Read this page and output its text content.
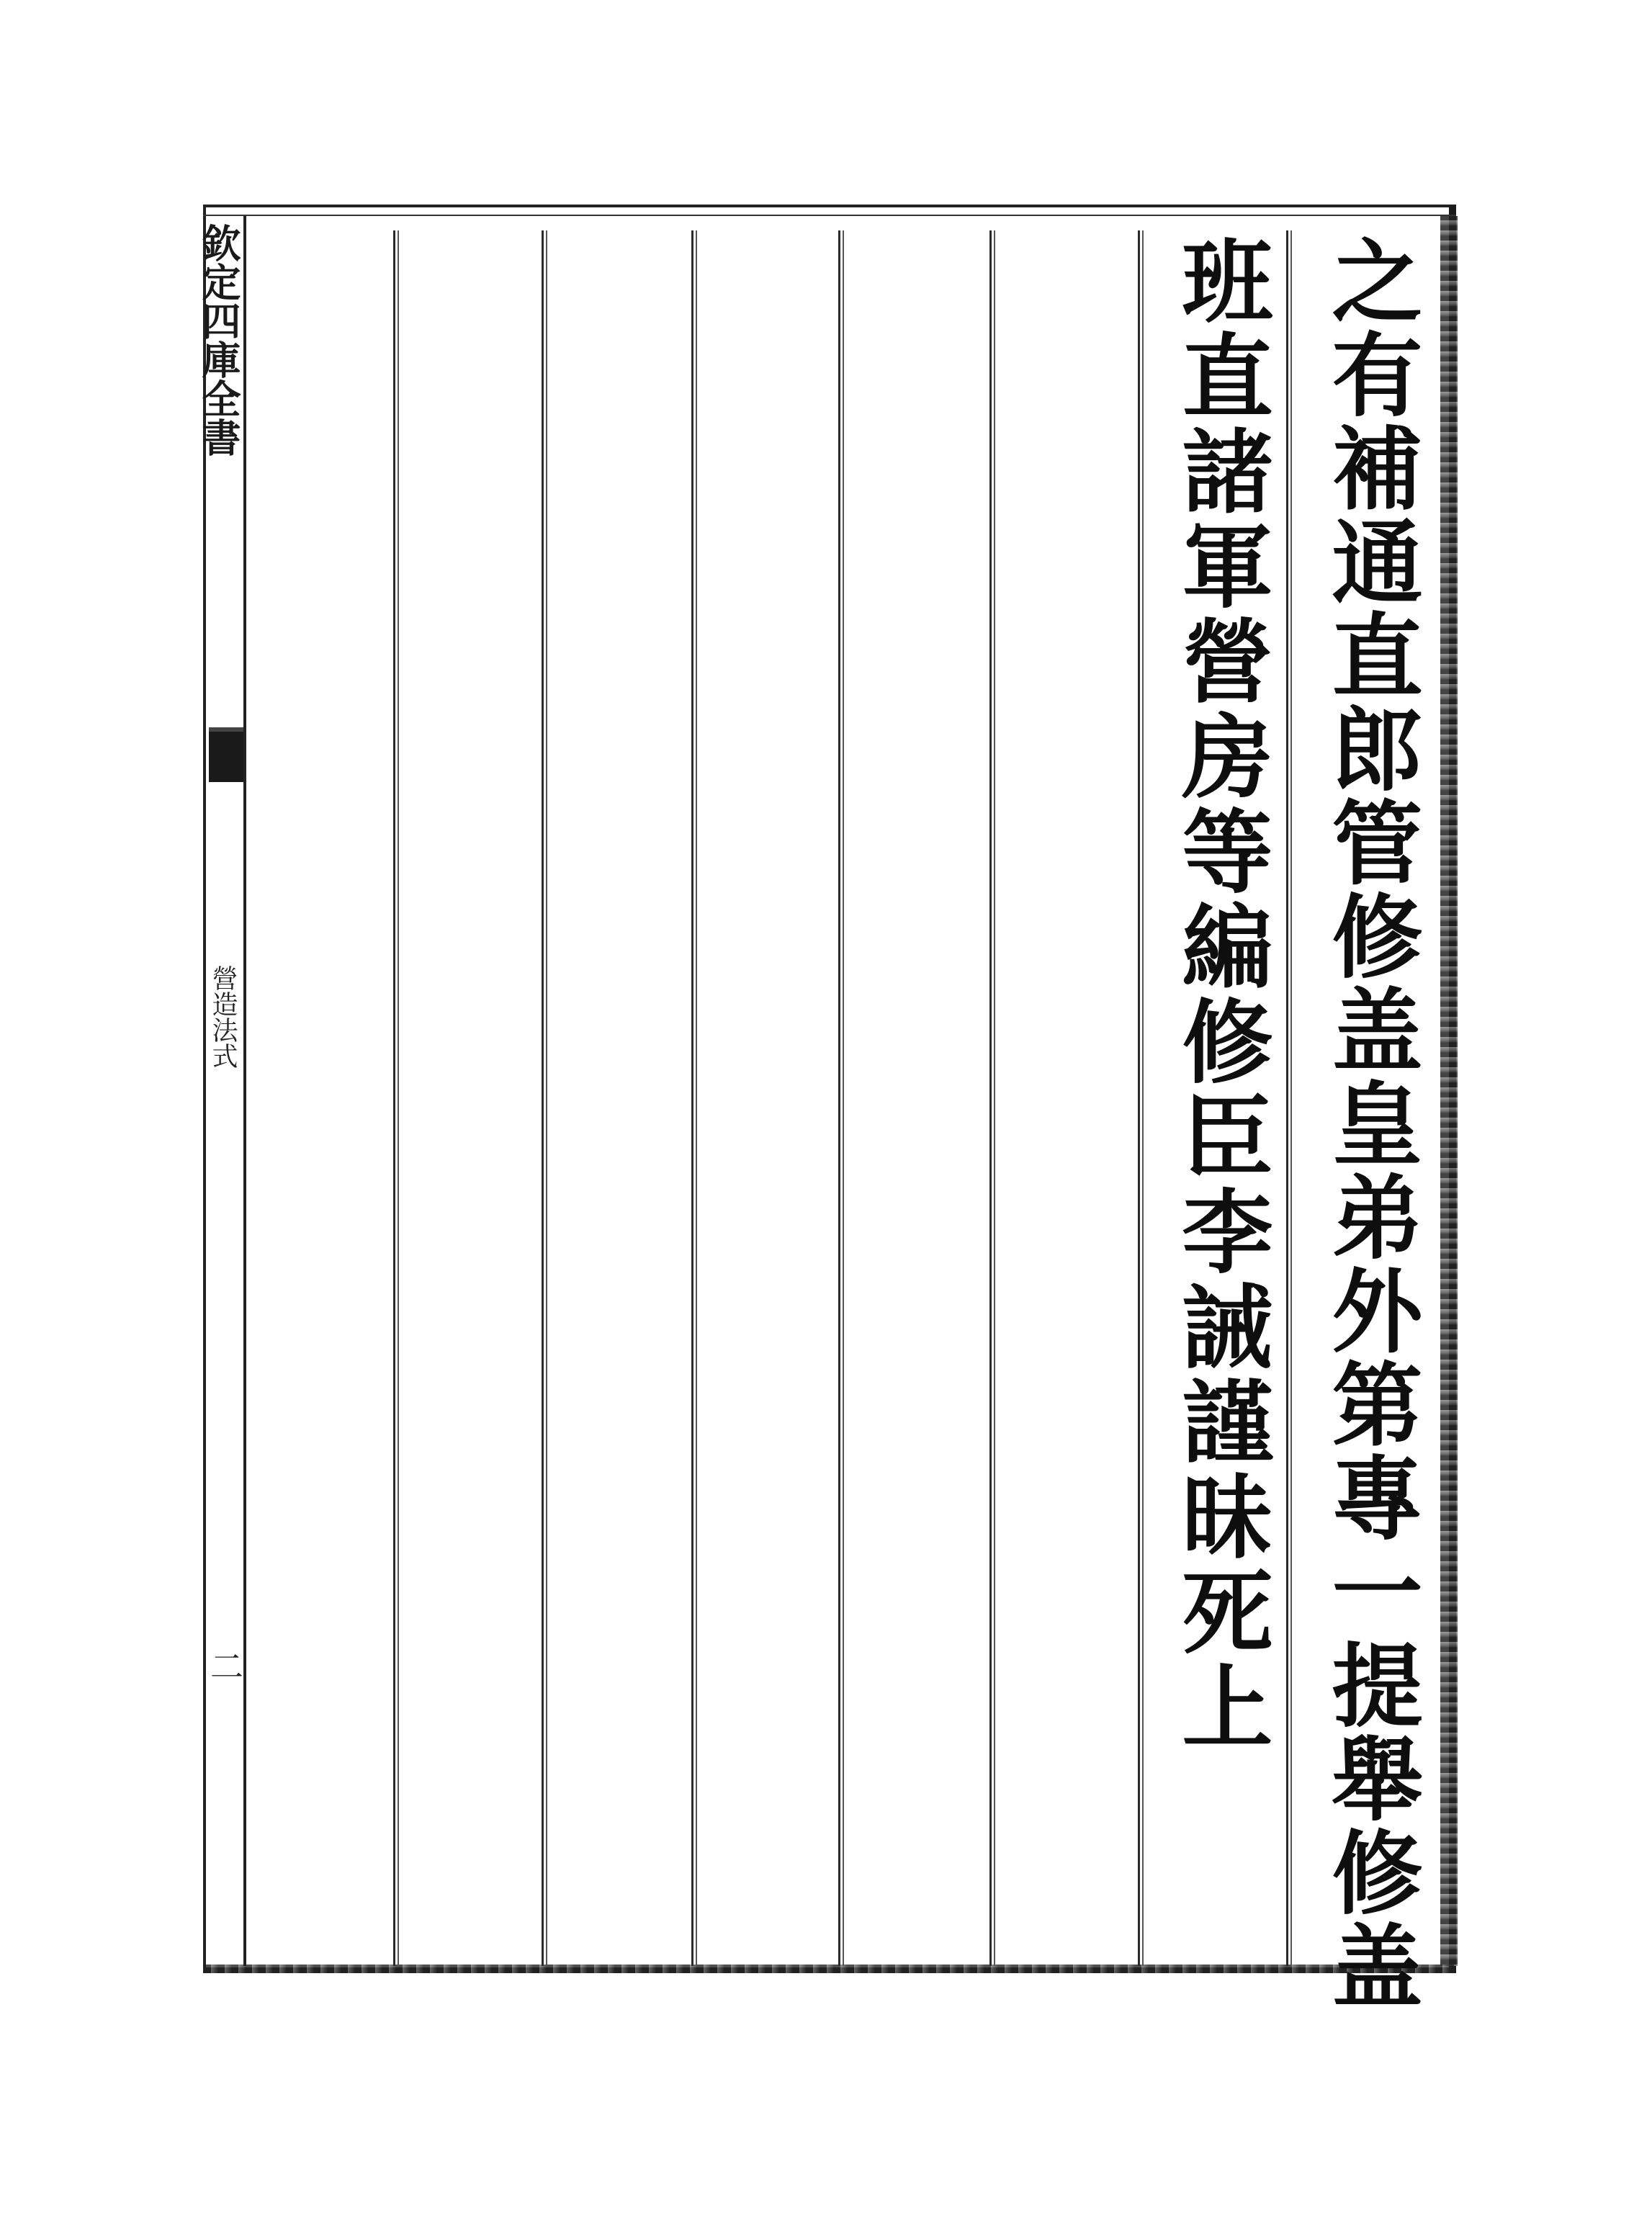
欽定四庫全書
營造法式
二	之有補通直郎管修盖皇弟外第專一提舉修盖
班直諸軍營房等編修臣李誡謹昧死上
